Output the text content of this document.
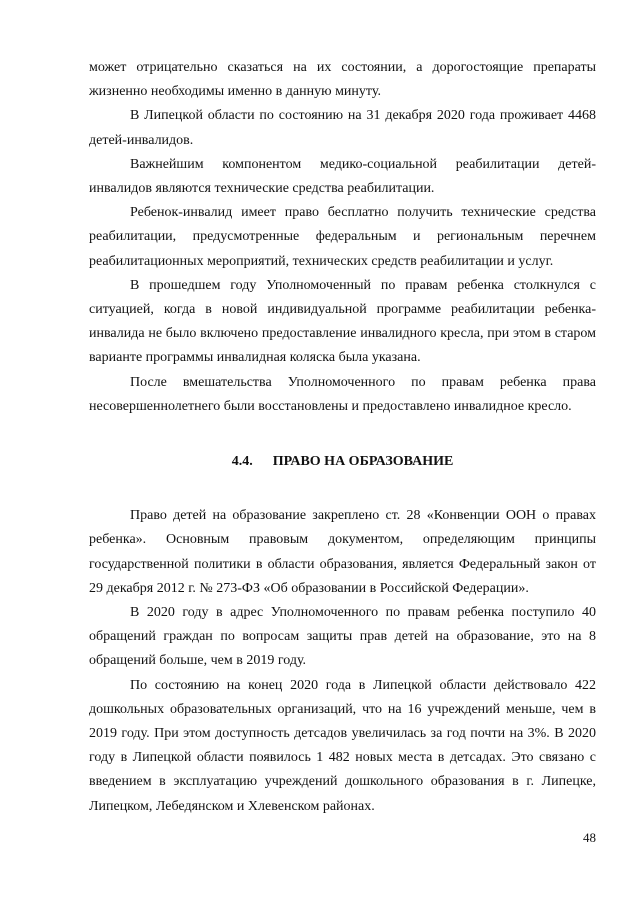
может отрицательно сказаться на их состоянии, а дорогостоящие препараты жизненно необходимы именно в данную минуту.

В Липецкой области по состоянию на 31 декабря 2020 года проживает 4468 детей-инвалидов.

Важнейшим компонентом медико-социальной реабилитации детей-инвалидов являются технические средства реабилитации.

Ребенок-инвалид имеет право бесплатно получить технические средства реабилитации, предусмотренные федеральным и региональным перечнем реабилитационных мероприятий, технических средств реабилитации и услуг.

В прошедшем году Уполномоченный по правам ребенка столкнулся с ситуацией, когда в новой индивидуальной программе реабилитации ребенка-инвалида не было включено предоставление инвалидного кресла, при этом в старом варианте программы инвалидная коляска была указана.

После вмешательства Уполномоченного по правам ребенка права несовершеннолетнего были восстановлены и предоставлено инвалидное кресло.

4.4. ПРАВО НА ОБРАЗОВАНИЕ

Право детей на образование закреплено ст. 28 «Конвенции ООН о правах ребенка». Основным правовым документом, определяющим принципы государственной политики в области образования, является Федеральный закон от 29 декабря 2012 г. № 273-ФЗ «Об образовании в Российской Федерации».

В 2020 году в адрес Уполномоченного по правам ребенка поступило 40 обращений граждан по вопросам защиты прав детей на образование, это на 8 обращений больше, чем в 2019 году.

По состоянию на конец 2020 года в Липецкой области действовало 422 дошкольных образовательных организаций, что на 16 учреждений меньше, чем в 2019 году. При этом доступность детсадов увеличилась за год почти на 3%. В 2020 году в Липецкой области появилось 1 482 новых места в детсадах. Это связано с введением в эксплуатацию учреждений дошкольного образования в г. Липецке, Липецком, Лебедянском и Хлевенском районах.

48
